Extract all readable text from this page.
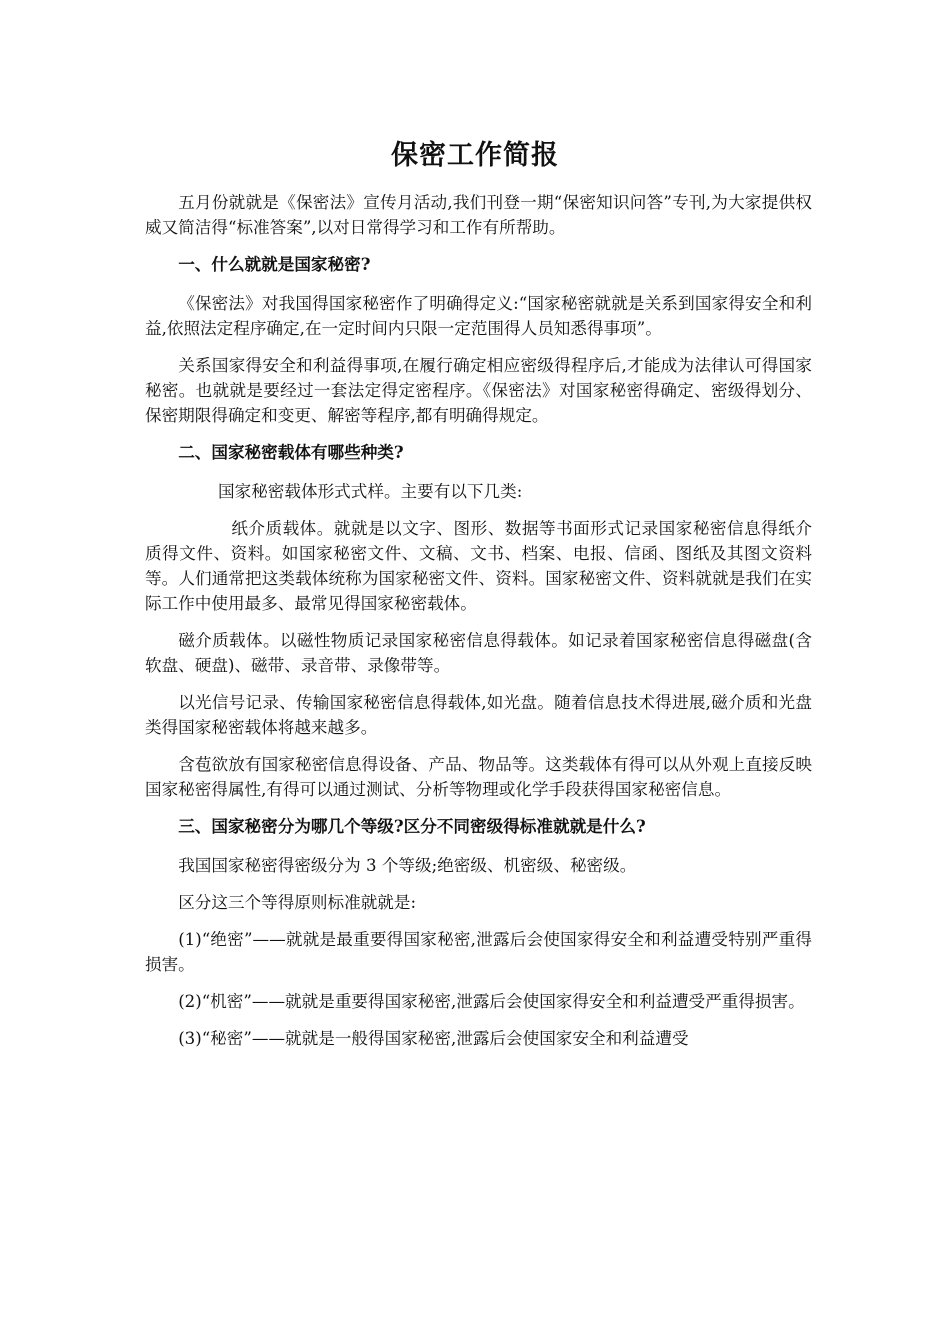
保密工作简报

五月份就就是《保密法》宣传月活动,我们刊登一期“保密知识问答”专刊,为大家提供权威又简洁得“标准答案”,以对日常得学习和工作有所帮助。

一、什么就就是国家秘密?

《保密法》对我国得国家秘密作了明确得定义:“国家秘密就就是关系到国家得安全和利益,依照法定程序确定,在一定时间内只限一定范围得人员知悉得事项”。

关系国家得安全和利益得事项,在履行确定相应密级得程序后,才能成为法律认可得国家秘密。也就就是要经过一套法定得定密程序。《保密法》对国家秘密得确定、密级得划分、保密期限得确定和变更、解密等程序,都有明确得规定。

二、国家秘密载体有哪些种类?

国家秘密载体形式式样。主要有以下几类:

纸介质载体。就就是以文字、图形、数据等书面形式记录国家秘密信息得纸介质得文件、资料。如国家秘密文件、文稿、文书、档案、电报、信函、图纸及其图文资料等。人们通常把这类载体统称为国家秘密文件、资料。国家秘密文件、资料就就是我们在实际工作中使用最多、最常见得国家秘密载体。

磁介质载体。以磁性物质记录国家秘密信息得载体。如记录着国家秘密信息得磁盘(含软盘、硬盘)、磁带、录音带、录像带等。

以光信号记录、传输国家秘密信息得载体,如光盘。随着信息技术得进展,磁介质和光盘类得国家秘密载体将越来越多。

含苞欲放有国家秘密信息得设备、产品、物品等。这类载体有得可以从外观上直接反映国家秘密得属性,有得可以通过测试、分析等物理或化学手段获得国家秘密信息。

三、国家秘密分为哪几个等级?区分不同密级得标准就就是什么?

我国国家秘密得密级分为 3 个等级;绝密级、机密级、秘密级。

区分这三个等得原则标准就就是:

(1)“绝密”——就就是最重要得国家秘密,泄露后会使国家得安全和利益遭受特别严重得损害。

(2)“机密”——就就是重要得国家秘密,泄露后会使国家得安全和利益遭受严重得损害。

(3)“秘密”——就就是一般得国家秘密,泄露后会使国家安全和利益遭受
